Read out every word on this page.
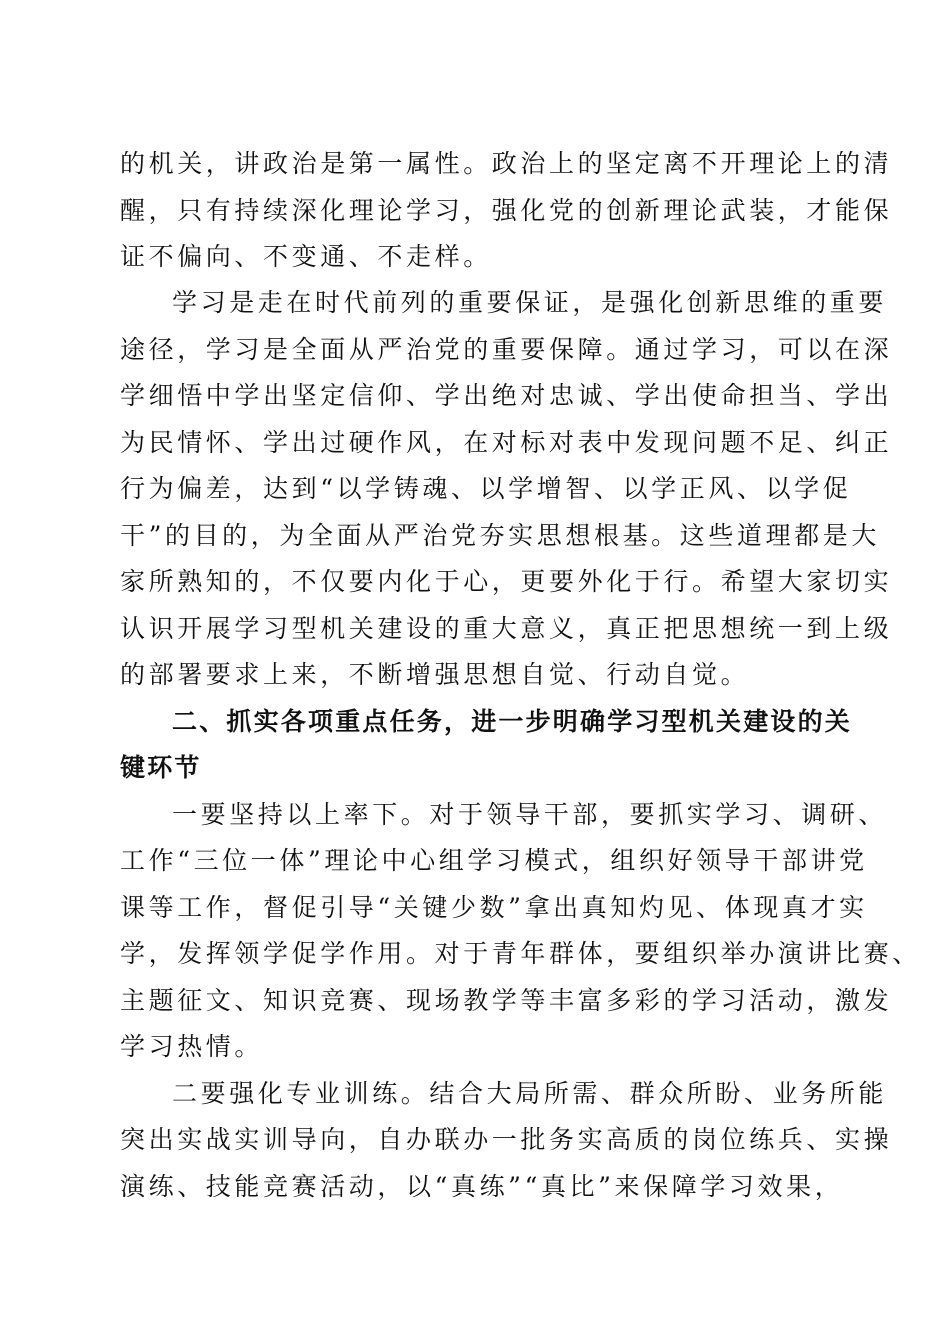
的机关，讲政治是第一属性。政治上的坚定离不开理论上的清
醒，只有持续深化理论学习，强化党的创新理论武装，才能保
证不偏向、不变通、不走样。
学习是走在时代前列的重要保证，是强化创新思维的重要
途径，学习是全面从严治党的重要保障。通过学习，可以在深
学细悟中学出坚定信仰、学出绝对忠诚、学出使命担当、学出
为民情怀、学出过硬作风，在对标对表中发现问题不足、纠正
行为偏差，达到“以学铸魂、以学增智、以学正风、以学促
干”的目的，为全面从严治党夯实思想根基。这些道理都是大
家所熟知的，不仅要内化于心，更要外化于行。希望大家切实
认识开展学习型机关建设的重大意义，真正把思想统一到上级
的部署要求上来，不断增强思想自觉、行动自觉。
二、抓实各项重点任务，进一步明确学习型机关建设的关
键环节
一要坚持以上率下。对于领导干部，要抓实学习、调研、
工作“三位一体”理论中心组学习模式，组织好领导干部讲党
课等工作，督促引导“关键少数”拿出真知灼见、体现真才实
学，发挥领学促学作用。对于青年群体，要组织举办演讲比赛、
主题征文、知识竞赛、现场教学等丰富多彩的学习活动，激发
学习热情。
二要强化专业训练。结合大局所需、群众所盼、业务所能
突出实战实训导向，自办联办一批务实高质的岗位练兵、实操
演练、技能竞赛活动，以“真练”“真比”来保障学习效果，
